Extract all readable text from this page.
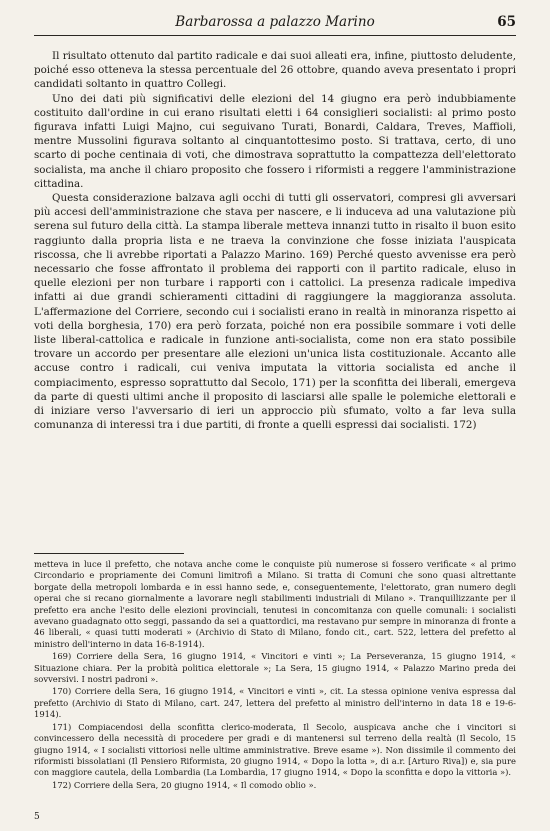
Barbarossa a palazzo Marino	65

Il risultato ottenuto dal partito radicale e dai suoi alleati era, infine, piuttosto deludente, poiché esso otteneva la stessa percentuale del 26 ottobre, quando aveva presentato i propri candidati soltanto in quattro Collegi.

Uno dei dati più significativi delle elezioni del 14 giugno era però indubbiamente costituito dall'ordine in cui erano risultati eletti i 64 consiglieri socialisti: al primo posto figurava infatti Luigi Majno, cui seguivano Turati, Bonardi, Caldara, Treves, Maffioli, mentre Mussolini figurava soltanto al cinquantottesimo posto. Si trattava, certo, di uno scarto di poche centinaia di voti, che dimostrava soprattutto la compattezza dell'elettorato socialista, ma anche il chiaro proposito che fossero i riformisti a reggere l'amministrazione cittadina.

Questa considerazione balzava agli occhi di tutti gli osservatori, compresi gli avversari più accesi dell'amministrazione che stava per nascere, e li induceva ad una valutazione più serena sul futuro della città. La stampa liberale metteva innanzi tutto in risalto il buon esito raggiunto dalla propria lista e ne traeva la convinzione che fosse iniziata l'auspicata riscossa, che li avrebbe riportati a Palazzo Marino. 169) Perché questo avvenisse era però necessario che fosse affrontato il problema dei rapporti con il partito radicale, eluso in quelle elezioni per non turbare i rapporti con i cattolici. La presenza radicale impediva infatti ai due grandi schieramenti cittadini di raggiungere la maggioranza assoluta. L'affermazione del Corriere, secondo cui i socialisti erano in realtà in minoranza rispetto ai voti della borghesia, 170) era però forzata, poiché non era possibile sommare i voti delle liste liberal-cattolica e radicale in funzione anti-socialista, come non era stato possibile trovare un accordo per presentare alle elezioni un'unica lista costituzionale. Accanto alle accuse contro i radicali, cui veniva imputata la vittoria socialista ed anche il compiacimento, espresso soprattutto dal Secolo, 171) per la sconfitta dei liberali, emergeva da parte di questi ultimi anche il proposito di lasciarsi alle spalle le polemiche elettorali e di iniziare verso l'avversario di ieri un approccio più sfumato, volto a far leva sulla comunanza di interessi tra i due partiti, di fronte a quelli espressi dai socialisti. 172)

metteva in luce il prefetto, che notava anche come le conquiste più numerose si fossero verificate « al primo Circondario e propriamente dei Comuni limitrofi a Milano. Si tratta di Comuni che sono quasi altrettante borgate della metropoli lombarda e in essi hanno sede, e, conseguentemente, l'elettorato, gran numero degli operai che si recano giornalmente a lavorare negli stabilimenti industriali di Milano ». Tranquillizzante per il prefetto era anche l'esito delle elezioni provinciali, tenutesi in concomitanza con quelle comunali: i socialisti avevano guadagnato otto seggi, passando da sei a quattordici, ma restavano pur sempre in minoranza di fronte a 46 liberali, « quasi tutti moderati » (Archivio di Stato di Milano, fondo cit., cart. 522, lettera del prefetto al ministro dell'interno in data 16-8-1914).

169) Corriere della Sera, 16 giugno 1914, « Vincitori e vinti »; La Perseveranza, 15 giugno 1914, « Situazione chiara. Per la probità politica elettorale »; La Sera, 15 giugno 1914, « Palazzo Marino preda dei sovversivi. I nostri padroni ».

170) Corriere della Sera, 16 giugno 1914, « Vincitori e vinti », cit. La stessa opinione veniva espressa dal prefetto (Archivio di Stato di Milano, cart. 247, lettera del prefetto al ministro dell'interno in data 18 e 19-6-1914).

171) Compiacendosi della sconfitta clerico-moderata, Il Secolo, auspicava anche che i vincitori si convincessero della necessità di procedere per gradi e di mantenersi sul terreno della realtà (Il Secolo, 15 giugno 1914, « I socialisti vittoriosi nelle ultime amministrative. Breve esame »). Non dissimile il commento dei riformisti bissolatiani (Il Pensiero Riformista, 20 giugno 1914, « Dopo la lotta », di a.r. [Arturo Riva]) e, sia pure con maggiore cautela, della Lombardia (La Lombardia, 17 giugno 1914, « Dopo la sconfitta e dopo la vittoria »).

172) Corriere della Sera, 20 giugno 1914, « Il comodo oblio ».

5
